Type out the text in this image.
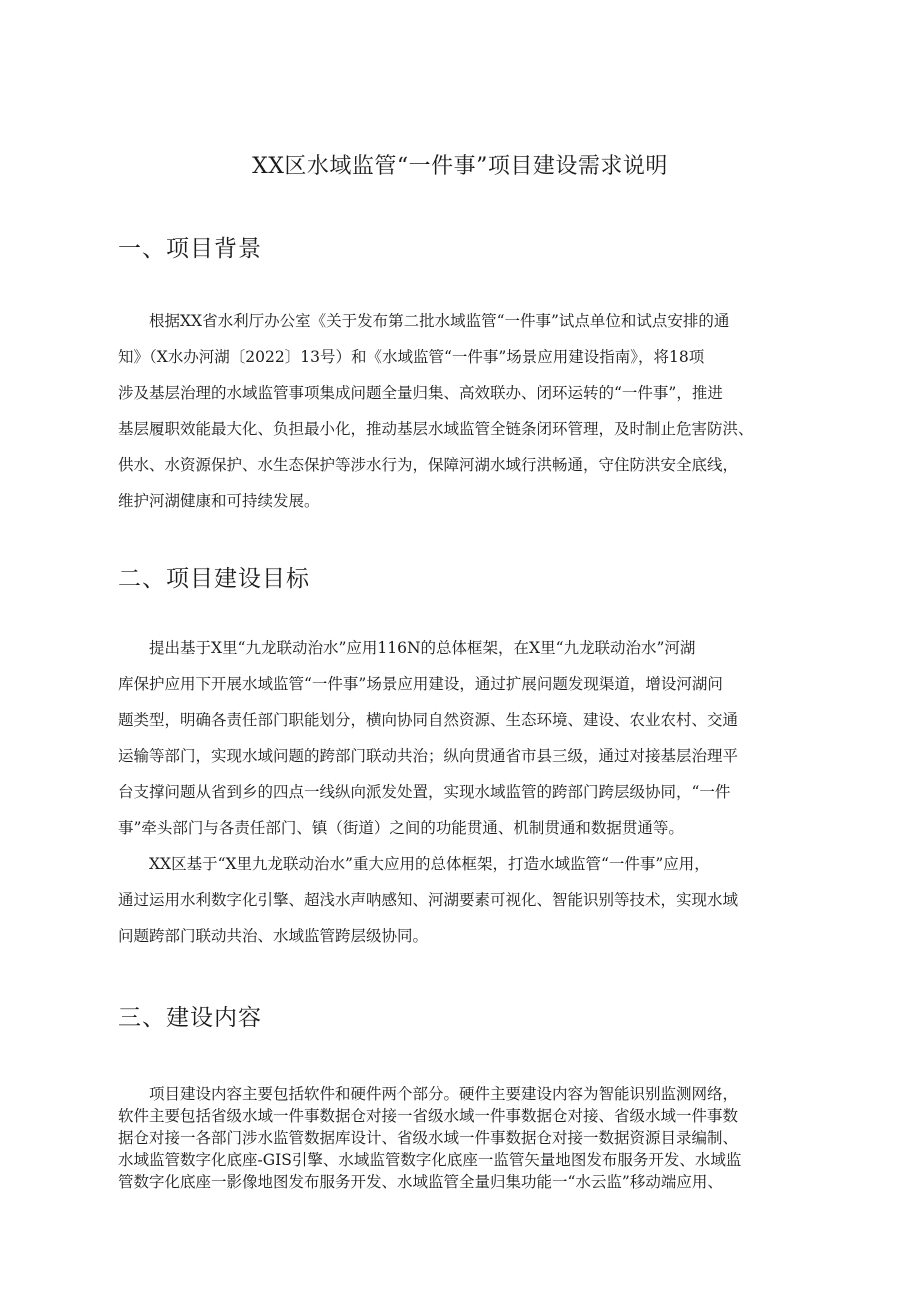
XX区水域监管“一件事”项目建设需求说明
一、项目背景
根据XX省水利厅办公室《关于发布第二批水域监管“一件事”试点单位和试点安排的通
知》（X水办河湖〔2022〕13号）和《水域监管“一件事”场景应用建设指南》，将18项
涉及基层治理的水域监管事项集成问题全量归集、高效联办、闭环运转的“一件事”，推进
基层履职效能最大化、负担最小化，推动基层水域监管全链条闭环管理，及时制止危害防洪、
供水、水资源保护、水生态保护等涉水行为，保障河湖水域行洪畅通，守住防洪安全底线，
维护河湖健康和可持续发展。
二、项目建设目标
提出基于X里“九龙联动治水”应用116N的总体框架，在X里“九龙联动治水”河湖
库保护应用下开展水域监管“一件事”场景应用建设，通过扩展问题发现渠道，增设河湖问
题类型，明确各责任部门职能划分，横向协同自然资源、生态环境、建设、农业农村、交通
运输等部门，实现水域问题的跨部门联动共治；纵向贯通省市县三级，通过对接基层治理平
台支撑问题从省到乡的四点一线纵向派发处置，实现水域监管的跨部门跨层级协同，“一件
事”牵头部门与各责任部门、镇（街道）之间的功能贯通、机制贯通和数据贯通等。
XX区基于“X里九龙联动治水”重大应用的总体框架，打造水域监管“一件事”应用，
通过运用水利数字化引擎、超浅水声呐感知、河湖要素可视化、智能识别等技术，实现水域
问题跨部门联动共治、水域监管跨层级协同。
三、建设内容
项目建设内容主要包括软件和硬件两个部分。硬件主要建设内容为智能识别监测网络，
软件主要包括省级水域一件事数据仓对接一省级水域一件事数据仓对接、省级水域一件事数
据仓对接一各部门涉水监管数据库设计、省级水域一件事数据仓对接一数据资源目录编制、
水域监管数字化底座-GIS引擎、水域监管数字化底座一监管矢量地图发布服务开发、水域监
管数字化底座一影像地图发布服务开发、水域监管全量归集功能一“水云监”移动端应用、
